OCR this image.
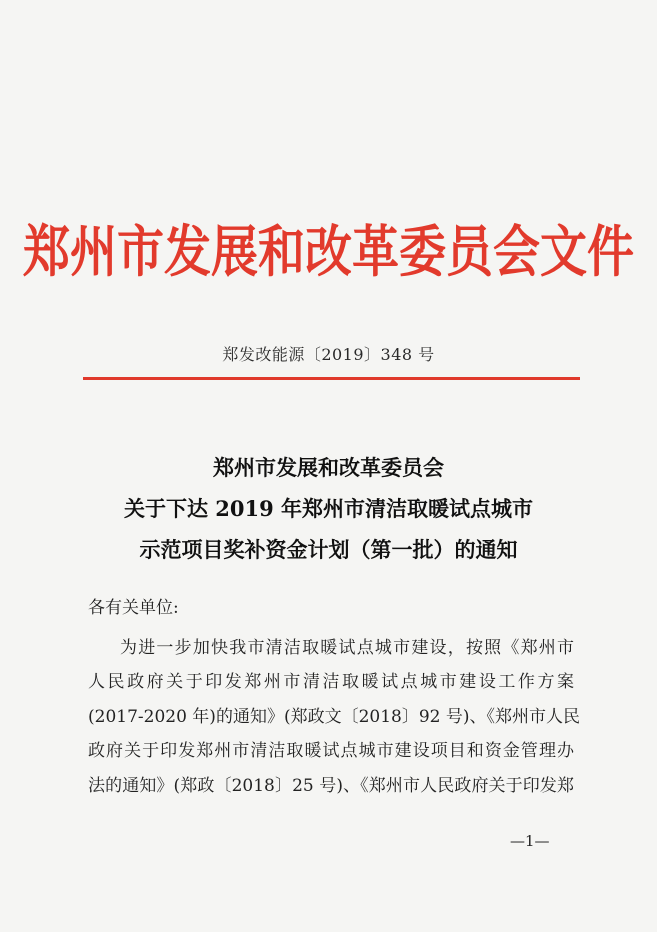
郑州市发展和改革委员会文件
郑发改能源〔2019〕348 号
郑州市发展和改革委员会
关于下达 2019 年郑州市清洁取暖试点城市
示范项目奖补资金计划（第一批）的通知
各有关单位:
为进一步加快我市清洁取暖试点城市建设，按照《郑州市
人民政府关于印发郑州市清洁取暖试点城市建设工作方案
(2017-2020 年)的通知》(郑政文〔2018〕92 号)、《郑州市人民
政府关于印发郑州市清洁取暖试点城市建设项目和资金管理办
法的通知》(郑政〔2018〕25 号)、《郑州市人民政府关于印发郑
—1—
